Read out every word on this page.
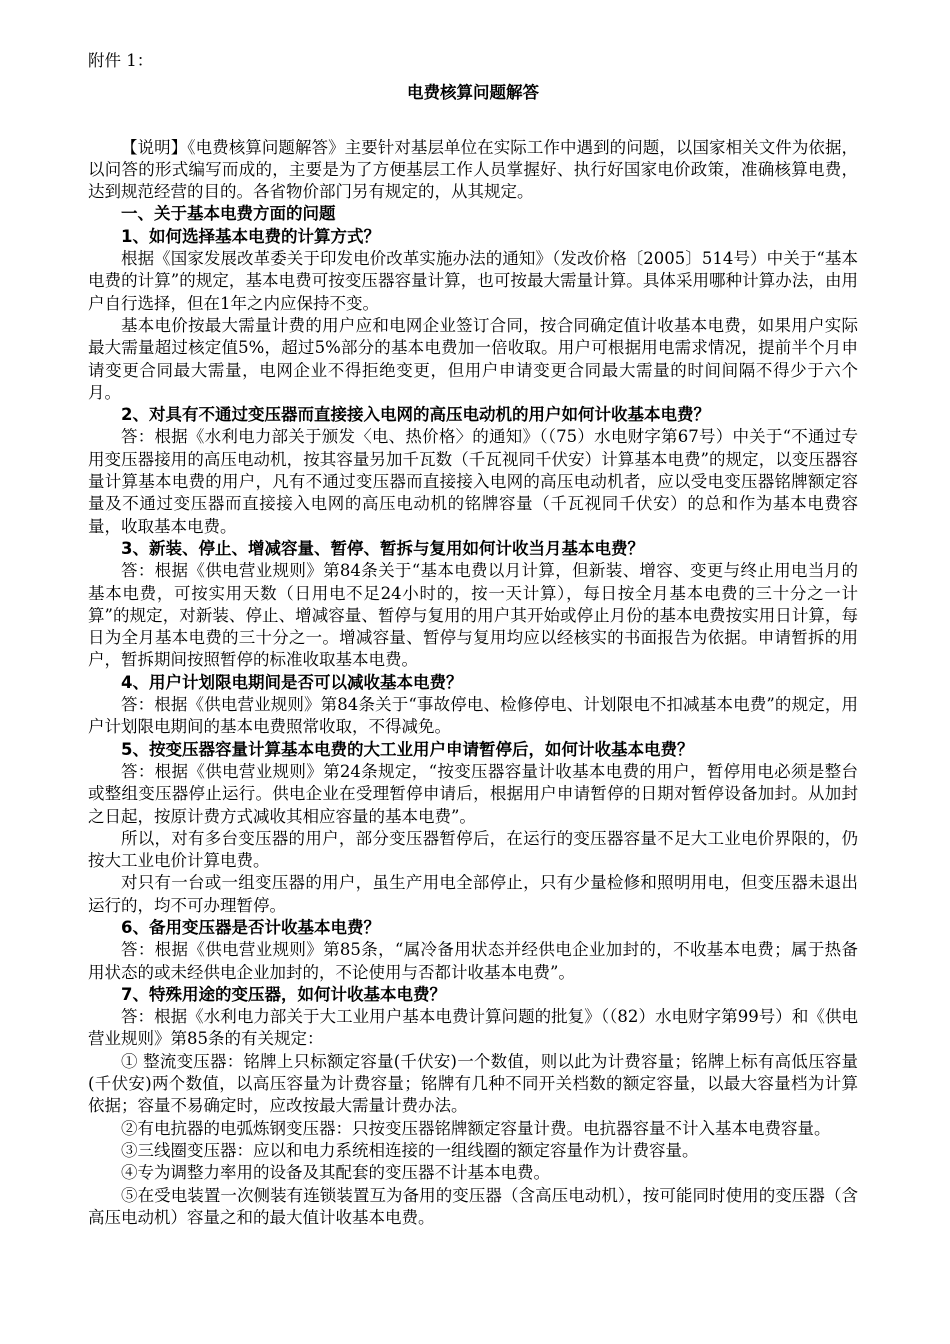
附件 1：
电费核算问题解答

【说明】《电费核算问题解答》主要针对基层单位在实际工作中遇到的问题，以国家相关文件为依据，以问答的形式编写而成的，主要是为了方便基层工作人员掌握好、执行好国家电价政策，准确核算电费，达到规范经营的目的。各省物价部门另有规定的，从其规定。

一、关于基本电费方面的问题

1、如何选择基本电费的计算方式？

根据《国家发展改革委关于印发电价改革实施办法的通知》（发改价格〔2005〕514号）中关于“基本电费的计算”的规定，基本电费可按变压器容量计算，也可按最大需量计算。具体采用哪种计算办法，由用户自行选择，但在1年之内应保持不变。

基本电价按最大需量计费的用户应和电网企业签订合同，按合同确定值计收基本电费，如果用户实际最大需量超过核定值5%，超过5%部分的基本电费加一倍收取。用户可根据用电需求情况，提前半个月申请变更合同最大需量，电网企业不得拒绝变更，但用户申请变更合同最大需量的时间间隔不得少于六个月。

2、对具有不通过变压器而直接接入电网的高压电动机的用户如何计收基本电费？

答：根据《水利电力部关于颁发〈电、热价格〉的通知》（（75）水电财字第67号）中关于“不通过专用变压器接用的高压电动机，按其容量另加千瓦数（千瓦视同千伏安）计算基本电费”的规定，以变压器容量计算基本电费的用户，凡有不通过变压器而直接接入电网的高压电动机者，应以受电变压器铭牌额定容量及不通过变压器而直接接入电网的高压电动机的铭牌容量（千瓦视同千伏安）的总和作为基本电费容量，收取基本电费。

3、新装、停止、增减容量、暂停、暂拆与复用如何计收当月基本电费？

答：根据《供电营业规则》第84条关于“基本电费以月计算，但新装、增容、变更与终止用电当月的基本电费，可按实用天数（日用电不足24小时的，按一天计算），每日按全月基本电费的三十分之一计算”的规定，对新装、停止、增减容量、暂停与复用的用户其开始或停止月份的基本电费按实用日计算，每日为全月基本电费的三十分之一。增减容量、暂停与复用均应以经核实的书面报告为依据。申请暂拆的用户，暂拆期间按照暂停的标准收取基本电费。

4、用户计划限电期间是否可以减收基本电费？

答：根据《供电营业规则》第84条关于“事故停电、检修停电、计划限电不扣减基本电费”的规定，用户计划限电期间的基本电费照常收取，不得减免。

5、按变压器容量计算基本电费的大工业用户申请暂停后，如何计收基本电费？

答：根据《供电营业规则》第24条规定，“按变压器容量计收基本电费的用户，暂停用电必须是整台或整组变压器停止运行。供电企业在受理暂停申请后，根据用户申请暂停的日期对暂停设备加封。从加封之日起，按原计费方式减收其相应容量的基本电费”。

所以，对有多台变压器的用户，部分变压器暂停后，在运行的变压器容量不足大工业电价界限的，仍按大工业电价计算电费。

对只有一台或一组变压器的用户，虽生产用电全部停止，只有少量检修和照明用电，但变压器未退出运行的，均不可办理暂停。

6、备用变压器是否计收基本电费？

答：根据《供电营业规则》第85条，“属冷备用状态并经供电企业加封的，不收基本电费；属于热备用状态的或未经供电企业加封的，不论使用与否都计收基本电费”。

7、特殊用途的变压器，如何计收基本电费？

答：根据《水利电力部关于大工业用户基本电费计算问题的批复》（（82）水电财字第99号）和《供电营业规则》第85条的有关规定：

① 整流变压器：铭牌上只标额定容量(千伏安)一个数值，则以此为计费容量；铭牌上标有高低压容量(千伏安)两个数值，以高压容量为计费容量；铭牌有几种不同开关档数的额定容量，以最大容量档为计算依据；容量不易确定时，应改按最大需量计费办法。

②有电抗器的电弧炼钢变压器：只按变压器铭牌额定容量计费。电抗器容量不计入基本电费容量。

③三线圈变压器：应以和电力系统相连接的一组线圈的额定容量作为计费容量。

④专为调整力率用的设备及其配套的变压器不计基本电费。

⑤在受电装置一次侧装有连锁装置互为备用的变压器（含高压电动机），按可能同时使用的变压器（含高压电动机）容量之和的最大值计收基本电费。
